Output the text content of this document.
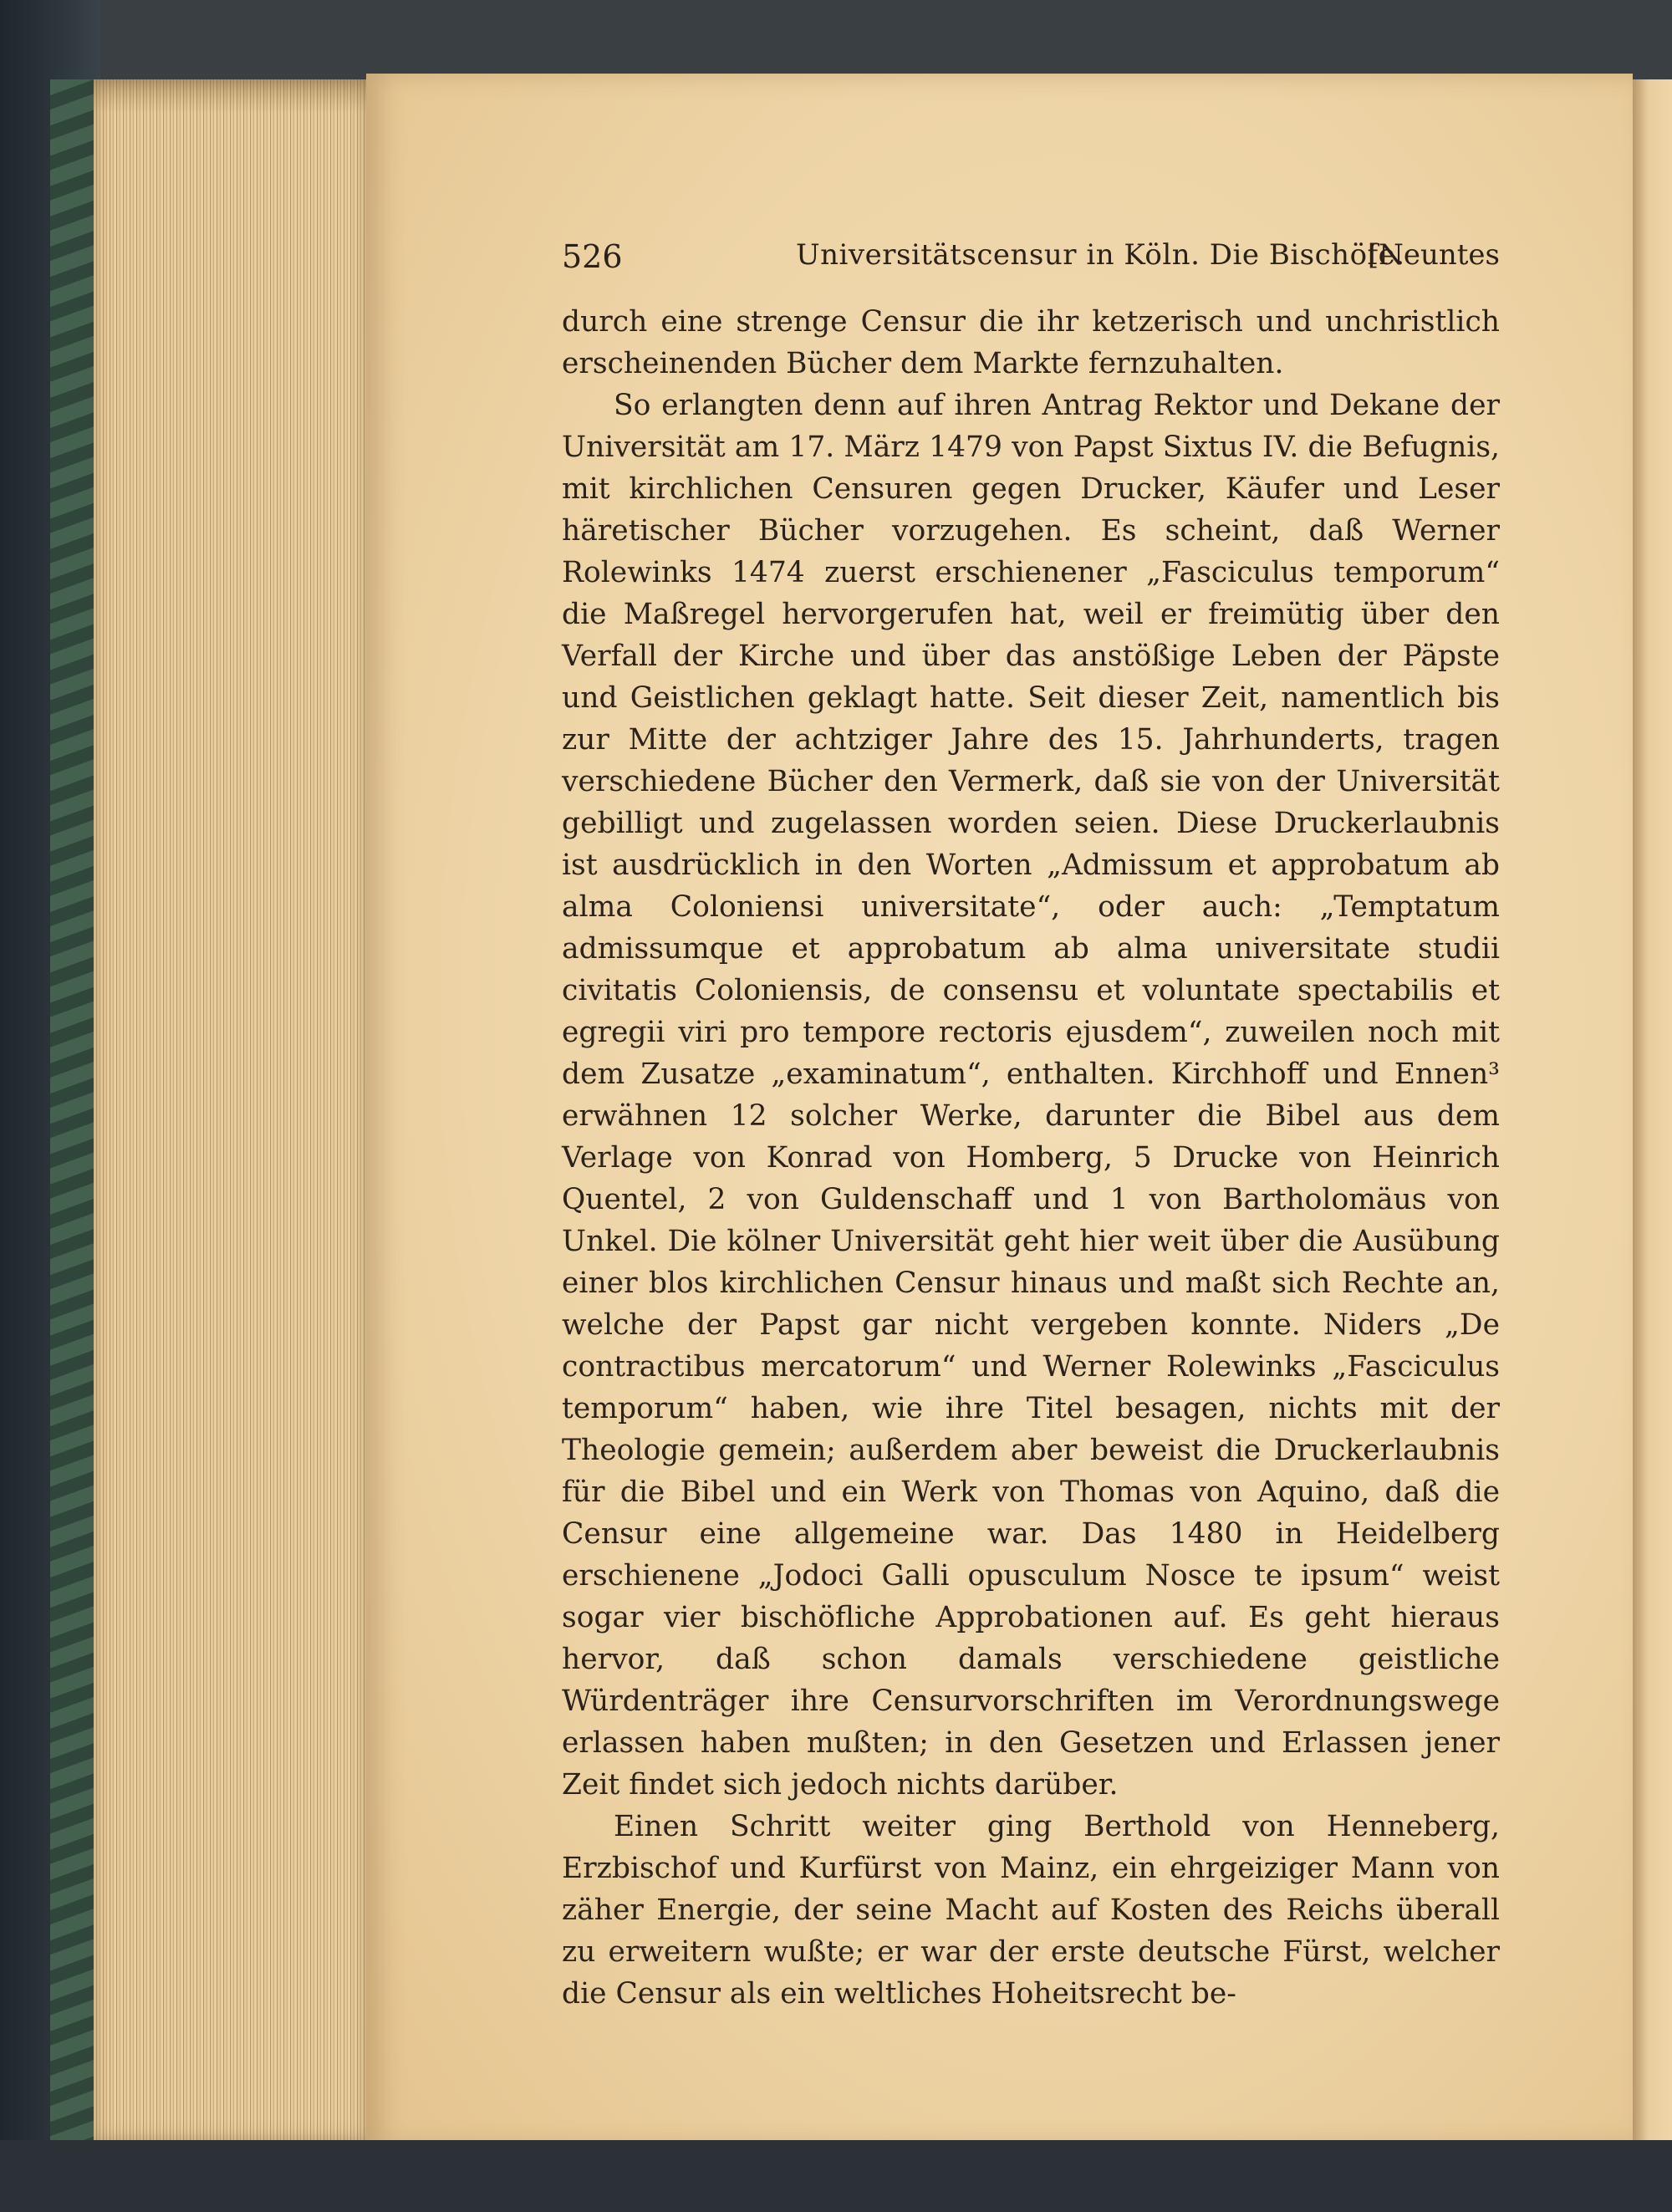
526	Universitätscensur in Köln. Die Bischöfe.
[Neuntes

durch eine strenge Censur die ihr ketzerisch und unchristlich erscheinenden Bücher dem Markte fernzuhalten.

So erlangten denn auf ihren Antrag Rektor und Dekane der Universität am 17. März 1479 von Papst Sixtus IV. die Befugnis, mit kirchlichen Censuren gegen Drucker, Käufer und Leser häretischer Bücher vorzugehen. Es scheint, daß Werner Rolewinks 1474 zuerst erschienener „Fasciculus temporum“ die Maßregel hervorgerufen hat, weil er freimütig über den Verfall der Kirche und über das anstößige Leben der Päpste und Geistlichen geklagt hatte. Seit dieser Zeit, namentlich bis zur Mitte der achtziger Jahre des 15. Jahrhunderts, tragen verschiedene Bücher den Vermerk, daß sie von der Universität gebilligt und zugelassen worden seien. Diese Druckerlaubnis ist ausdrücklich in den Worten „Admissum et approbatum ab alma Coloniensi universitate“, oder auch: „Temptatum admissumque et approbatum ab alma universitate studii civitatis Coloniensis, de consensu et voluntate spectabilis et egregii viri pro tempore rectoris ejusdem“, zuweilen noch mit dem Zusatze „examinatum“, enthalten. Kirchhoff und Ennen³ erwähnen 12 solcher Werke, darunter die Bibel aus dem Verlage von Konrad von Homberg, 5 Drucke von Heinrich Quentel, 2 von Guldenschaff und 1 von Bartholomäus von Unkel. Die kölner Universität geht hier weit über die Ausübung einer blos kirchlichen Censur hinaus und maßt sich Rechte an, welche der Papst gar nicht vergeben konnte. Niders „De contractibus mercatorum“ und Werner Rolewinks „Fasciculus temporum“ haben, wie ihre Titel besagen, nichts mit der Theologie gemein; außerdem aber beweist die Druckerlaubnis für die Bibel und ein Werk von Thomas von Aquino, daß die Censur eine allgemeine war. Das 1480 in Heidelberg erschienene „Jodoci Galli opusculum Nosce te ipsum“ weist sogar vier bischöfliche Approbationen auf. Es geht hieraus hervor, daß schon damals verschiedene geistliche Würdenträger ihre Censurvorschriften im Verordnungswege erlassen haben mußten; in den Gesetzen und Erlassen jener Zeit findet sich jedoch nichts darüber.

Einen Schritt weiter ging Berthold von Henneberg, Erzbischof und Kurfürst von Mainz, ein ehrgeiziger Mann von zäher Energie, der seine Macht auf Kosten des Reichs überall zu erweitern wußte; er war der erste deutsche Fürst, welcher die Censur als ein weltliches Hoheitsrecht be-
